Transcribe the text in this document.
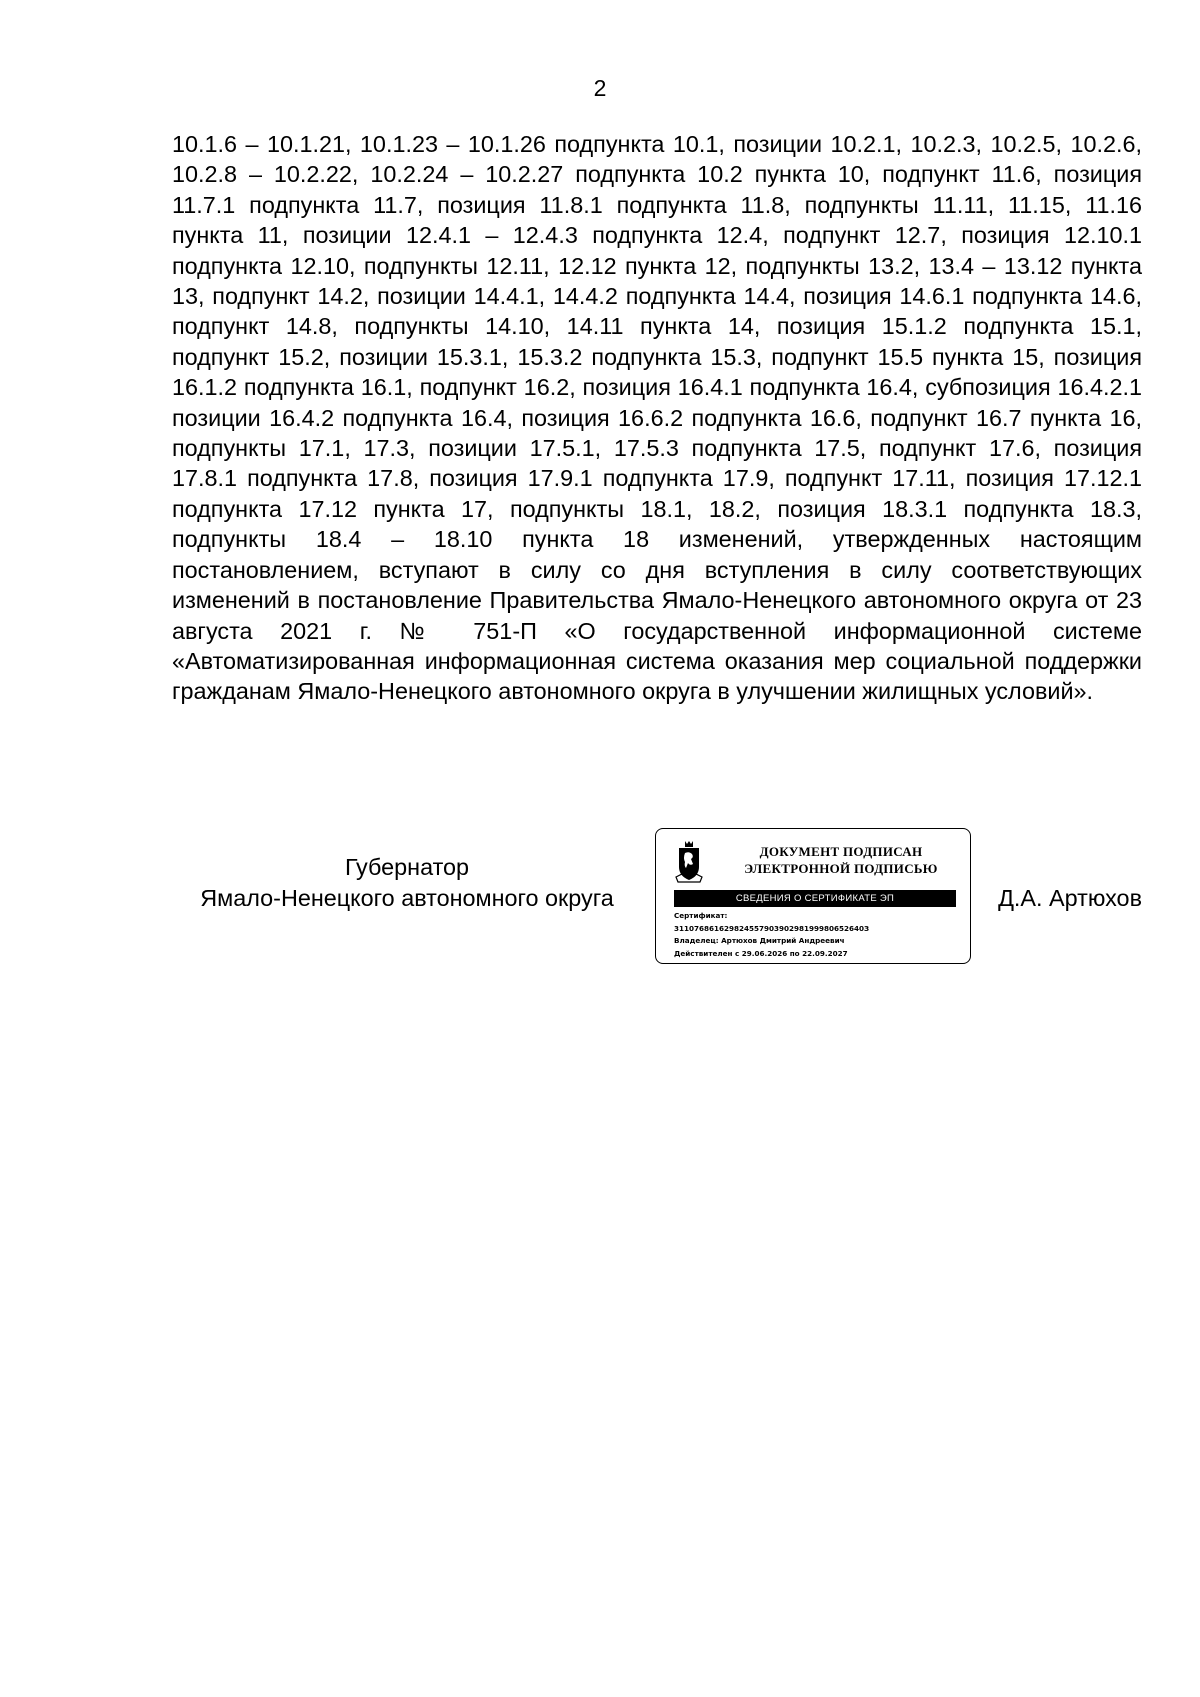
2

10.1.6 – 10.1.21, 10.1.23 – 10.1.26 подпункта 10.1, позиции 10.2.1, 10.2.3, 10.2.5, 10.2.6, 10.2.8 – 10.2.22, 10.2.24 – 10.2.27 подпункта 10.2 пункта 10, подпункт 11.6, позиция 11.7.1 подпункта 11.7, позиция 11.8.1 подпункта 11.8, подпункты 11.11, 11.15, 11.16 пункта 11, позиции 12.4.1 – 12.4.3 подпункта 12.4, подпункт 12.7, позиция 12.10.1 подпункта 12.10, подпункты 12.11, 12.12 пункта 12, подпункты 13.2, 13.4 – 13.12 пункта 13, подпункт 14.2, позиции 14.4.1, 14.4.2 подпункта 14.4, позиция 14.6.1 подпункта 14.6, подпункт 14.8, подпункты 14.10, 14.11 пункта 14, позиция 15.1.2 подпункта 15.1, подпункт 15.2, позиции 15.3.1, 15.3.2 подпункта 15.3, подпункт 15.5 пункта 15, позиция 16.1.2 подпункта 16.1, подпункт 16.2, позиция 16.4.1 подпункта 16.4, субпозиция 16.4.2.1 позиции 16.4.2 подпункта 16.4, позиция 16.6.2 подпункта 16.6, подпункт 16.7 пункта 16, подпункты 17.1, 17.3, позиции 17.5.1, 17.5.3 подпункта 17.5, подпункт 17.6, позиция 17.8.1 подпункта 17.8, позиция 17.9.1 подпункта 17.9, подпункт 17.11, позиция 17.12.1 подпункта 17.12 пункта 17, подпункты 18.1, 18.2, позиция 18.3.1 подпункта 18.3, подпункты 18.4 – 18.10 пункта 18 изменений, утвержденных настоящим постановлением, вступают в силу со дня вступления в силу соответствующих изменений в постановление Правительства Ямало-Ненецкого автономного округа от 23 августа 2021 г. № 751-П «О государственной информационной системе «Автоматизированная информационная система оказания мер социальной поддержки гражданам Ямало-Ненецкого автономного округа в улучшении жилищных условий».

Губернатор
Ямало-Ненецкого автономного округа
ДОКУМЕНТ ПОДПИСАН
ЭЛЕКТРОННОЙ ПОДПИСЬЮ
СВЕДЕНИЯ О СЕРТИФИКАТЕ ЭП
Сертификат:
31107686162982455790390298199980652640З
Владелец: Артюхов Дмитрий Андреевич
Действителен с 29.06.2026 по 22.09.2027
Д.А. Артюхов
